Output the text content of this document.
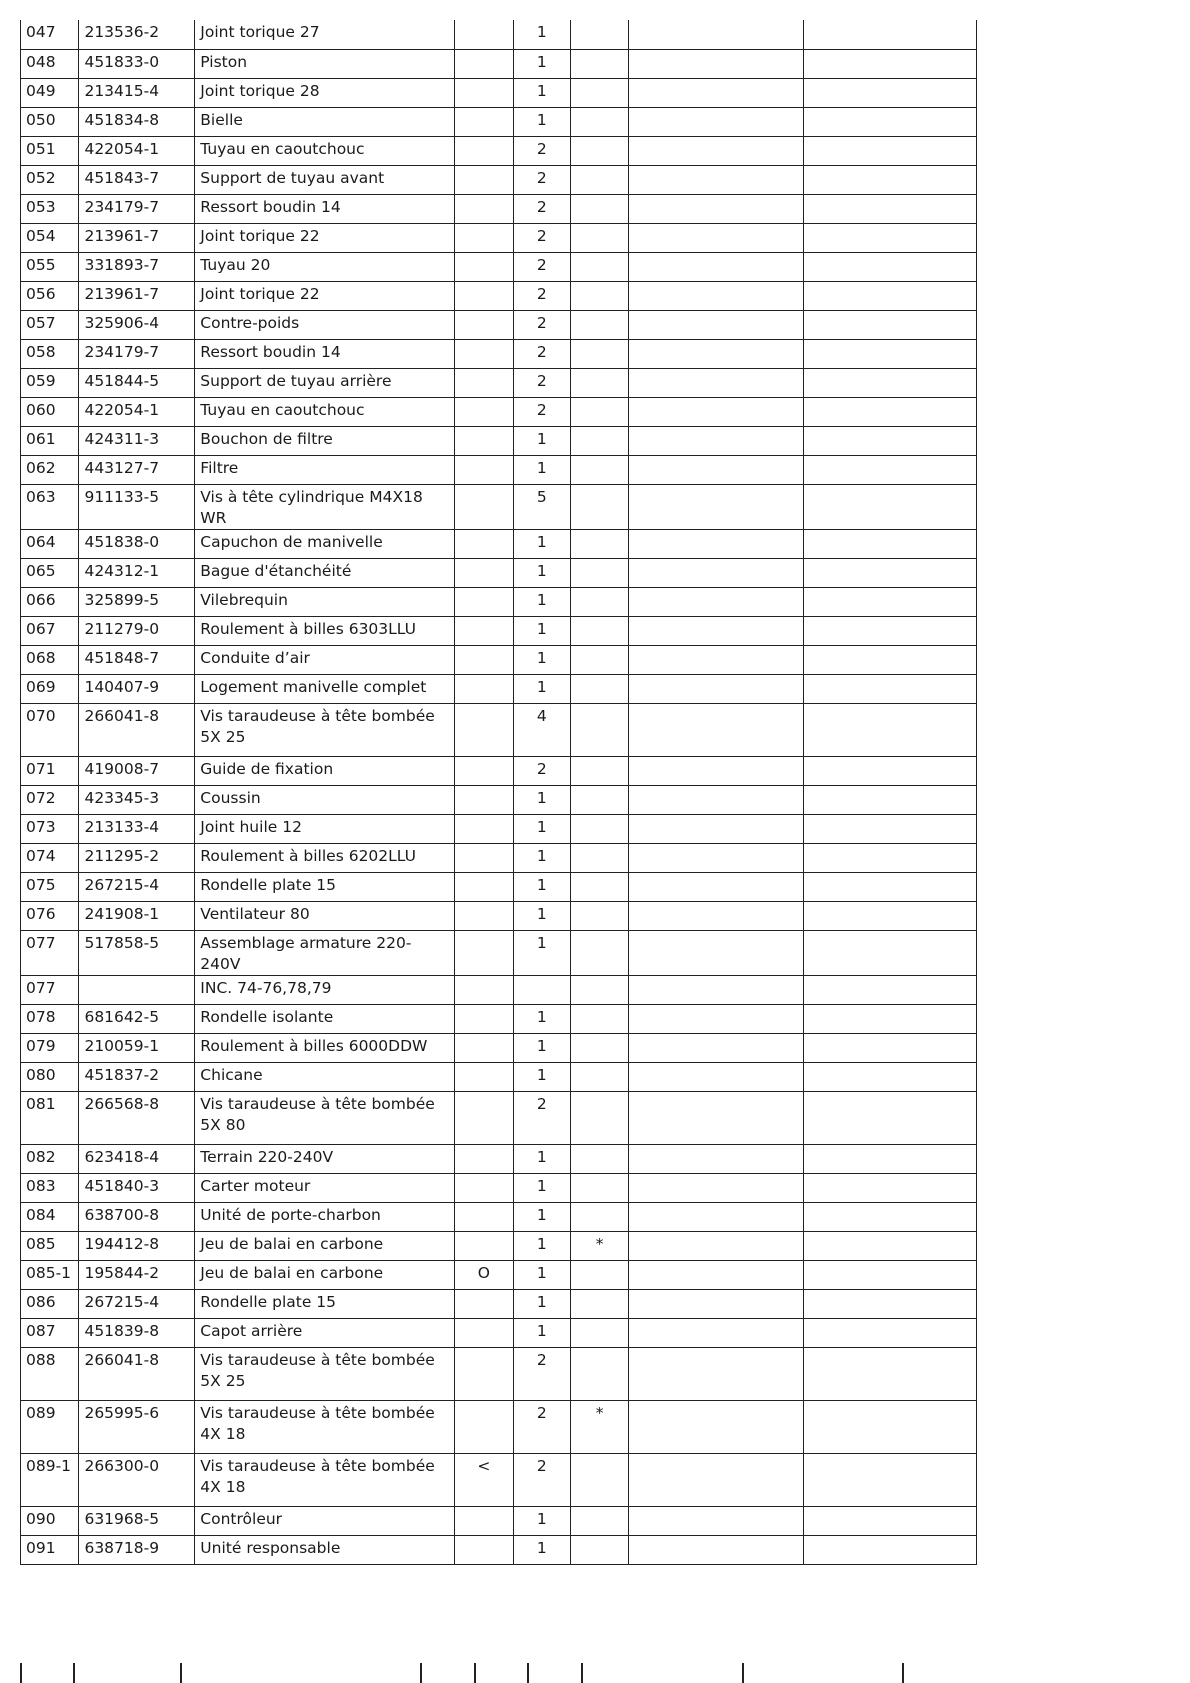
047	213536-2	Joint torique 27		1			
048	451833-0	Piston		1			
049	213415-4	Joint torique 28		1			
050	451834-8	Bielle		1			
051	422054-1	Tuyau en caoutchouc		2			
052	451843-7	Support de tuyau avant		2			
053	234179-7	Ressort boudin 14		2			
054	213961-7	Joint torique 22		2			
055	331893-7	Tuyau 20		2			
056	213961-7	Joint torique 22		2			
057	325906-4	Contre-poids		2			
058	234179-7	Ressort boudin 14		2			
059	451844-5	Support de tuyau arrière		2			
060	422054-1	Tuyau en caoutchouc		2			
061	424311-3	Bouchon de filtre		1			
062	443127-7	Filtre		1			
063	911133-5	Vis à tête cylindrique M4X18 WR		5			
064	451838-0	Capuchon de manivelle		1			
065	424312-1	Bague d'étanchéité		1			
066	325899-5	Vilebrequin		1			
067	211279-0	Roulement à billes 6303LLU		1			
068	451848-7	Conduite d’air		1			
069	140407-9	Logement manivelle complet		1			
070	266041-8	Vis taraudeuse à tête bombée 5X 25		4			
071	419008-7	Guide de fixation		2			
072	423345-3	Coussin		1			
073	213133-4	Joint huile 12		1			
074	211295-2	Roulement à billes 6202LLU		1			
075	267215-4	Rondelle plate 15		1			
076	241908-1	Ventilateur 80		1			
077	517858-5	Assemblage armature 220-240V		1			
077		INC. 74-76,78,79					
078	681642-5	Rondelle isolante		1			
079	210059-1	Roulement à billes 6000DDW		1			
080	451837-2	Chicane		1			
081	266568-8	Vis taraudeuse à tête bombée 5X 80		2			
082	623418-4	Terrain 220-240V		1			
083	451840-3	Carter moteur		1			
084	638700-8	Unité de porte-charbon		1			
085	194412-8	Jeu de balai en carbone		1	*		
085-1	195844-2	Jeu de balai en carbone	O	1			
086	267215-4	Rondelle plate 15		1			
087	451839-8	Capot arrière		1			
088	266041-8	Vis taraudeuse à tête bombée 5X 25		2			
089	265995-6	Vis taraudeuse à tête bombée 4X 18		2	*		
089-1	266300-0	Vis taraudeuse à tête bombée 4X 18	<	2			
090	631968-5	Contrôleur		1			
091	638718-9	Unité responsable		1			
